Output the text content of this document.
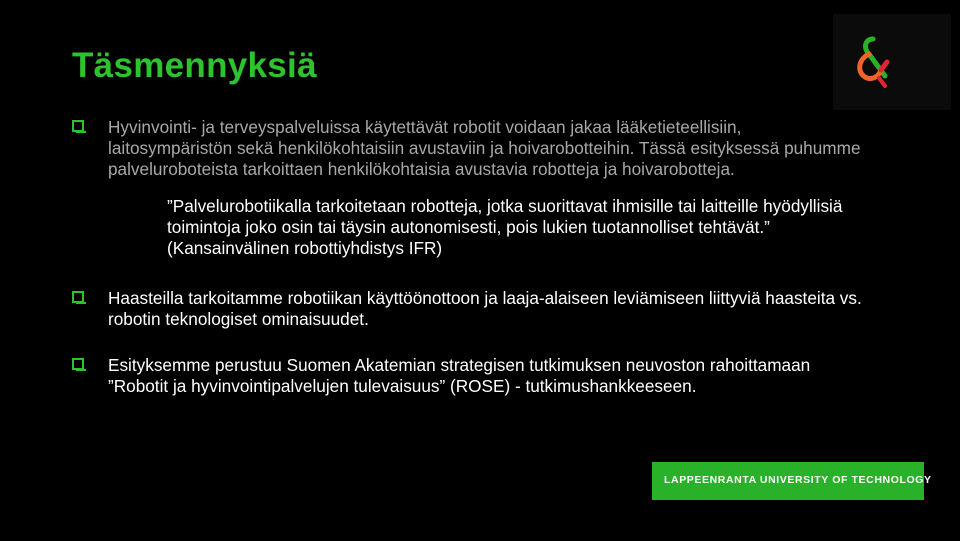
Täsmennyksiä
Hyvinvointi- ja terveyspalveluissa käytettävät robotit voidaan jakaa lääketieteellisiin, laitosympäristön sekä henkilökohtaisiin avustaviin ja hoivarobotteihin. Tässä esityksessä puhumme palveluroboteista tarkoittaen henkilökohtaisia avustavia robotteja ja hoivarobotteja.
”Palvelurobotiikalla tarkoitetaan robotteja, jotka suorittavat ihmisille tai laitteille hyödyllisiä toimintoja joko osin tai täysin autonomisesti, pois lukien tuotannolliset tehtävät.” (Kansainvälinen robottiyhdistys IFR)
Haasteilla tarkoitamme robotiikan käyttöönottoon ja laaja-alaiseen leviämiseen liittyviä haasteita vs. robotin teknologiset ominaisuudet.
Esityksemme perustuu Suomen Akatemian strategisen tutkimuksen neuvoston rahoittamaan ”Robotit ja hyvinvointipalvelujen tulevaisuus” (ROSE) - tutkimushankkeeseen.
LAPPEENRANTA UNIVERSITY OF TECHNOLOGY
